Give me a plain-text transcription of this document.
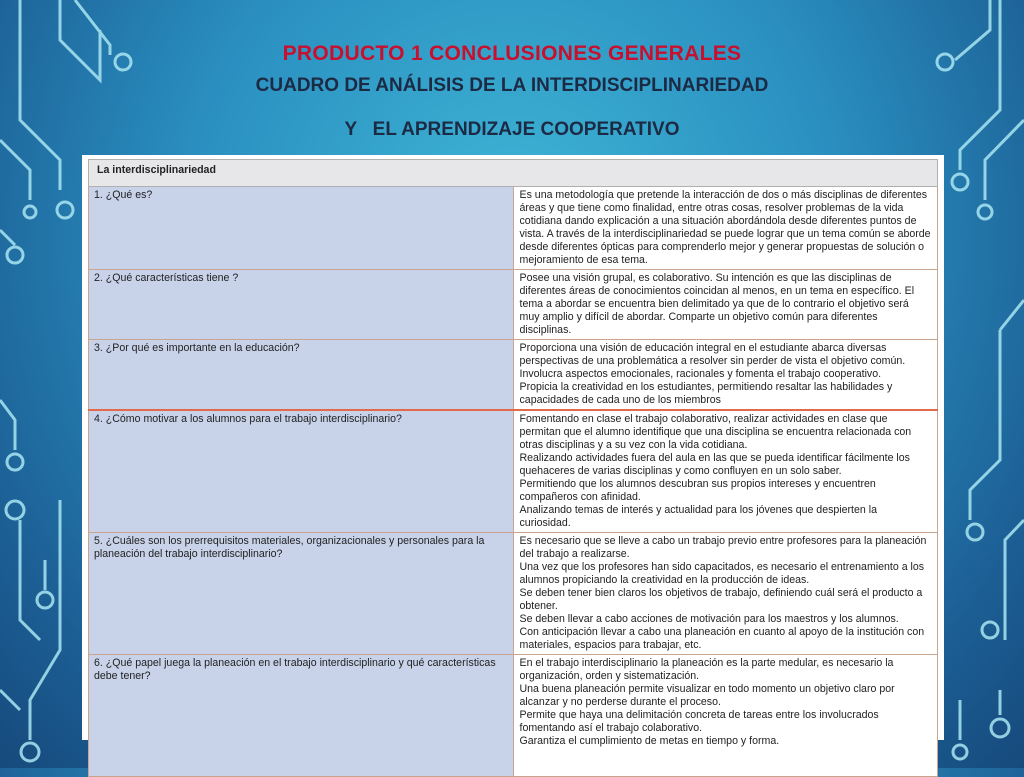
PRODUCTO 1 CONCLUSIONES GENERALES
CUADRO DE ANÁLISIS DE LA INTERDISCIPLINARIEDAD
Y   EL APRENDIZAJE COOPERATIVO
La interdisciplinariedad	
1. ¿Qué es?	Es una metodología que pretende la interacción de dos o más disciplinas de diferentes áreas y que tiene como finalidad, entre otras cosas, resolver problemas de la vida cotidiana dando explicación a una situación abordándola desde diferentes puntos de vista. A través de la interdisciplinariedad se puede lograr que un tema común se aborde desde diferentes ópticas para comprenderlo mejor y generar propuestas de solución o mejoramiento de esa tema.
2. ¿Qué características tiene ?	Posee una visión grupal, es colaborativo. Su intención es que las disciplinas de diferentes áreas de conocimientos coincidan al menos, en un tema en específico. El tema a abordar se encuentra bien delimitado ya que de lo contrario el objetivo será muy amplio y difícil de abordar. Comparte un objetivo común para diferentes disciplinas.
3. ¿Por qué es importante en la educación?	Proporciona una visión de educación integral en el estudiante abarca diversas perspectivas de una problemática a resolver sin perder de vista el objetivo común.
Involucra aspectos emocionales, racionales y fomenta el trabajo cooperativo.
Propicia la creatividad en los estudiantes, permitiendo resaltar las habilidades y capacidades de cada uno de los miembros
4. ¿Cómo motivar a los alumnos para el trabajo interdisciplinario?	Fomentando en clase el trabajo colaborativo, realizar actividades en clase que permitan que el alumno identifique que una disciplina se encuentra relacionada con otras disciplinas y a su vez con la vida cotidiana.
Realizando actividades fuera del aula en las que se pueda identificar fácilmente los quehaceres de varias disciplinas y como confluyen en un solo saber.
Permitiendo que los alumnos descubran sus propios intereses y encuentren compañeros con afinidad.
Analizando temas de interés y actualidad para los jóvenes que despierten la curiosidad.
5. ¿Cuáles son los prerrequisitos materiales, organizacionales y personales para la planeación del trabajo interdisciplinario?	Es necesario que se lleve a cabo un trabajo previo entre profesores para la planeación del trabajo a realizarse.
Una vez que los profesores han sido capacitados, es necesario el entrenamiento a los alumnos propiciando la creatividad en la producción de ideas.
Se deben tener bien claros los objetivos de trabajo, definiendo cuál será el producto a obtener.
Se deben llevar a cabo acciones de motivación para los maestros y los alumnos.
Con anticipación llevar a cabo una planeación en cuanto al apoyo de la institución con materiales, espacios para trabajar, etc.
6. ¿Qué papel juega la planeación en el trabajo interdisciplinario y qué características debe tener?	En el trabajo interdisciplinario la planeación es la parte medular, es necesario la organización, orden y sistematización.
Una buena planeación permite visualizar en todo momento un objetivo claro por alcanzar y no perderse durante el proceso.
Permite que haya una delimitación concreta de tareas entre los involucrados fomentando así el trabajo colaborativo.
Garantiza el cumplimiento de metas en tiempo y forma.
